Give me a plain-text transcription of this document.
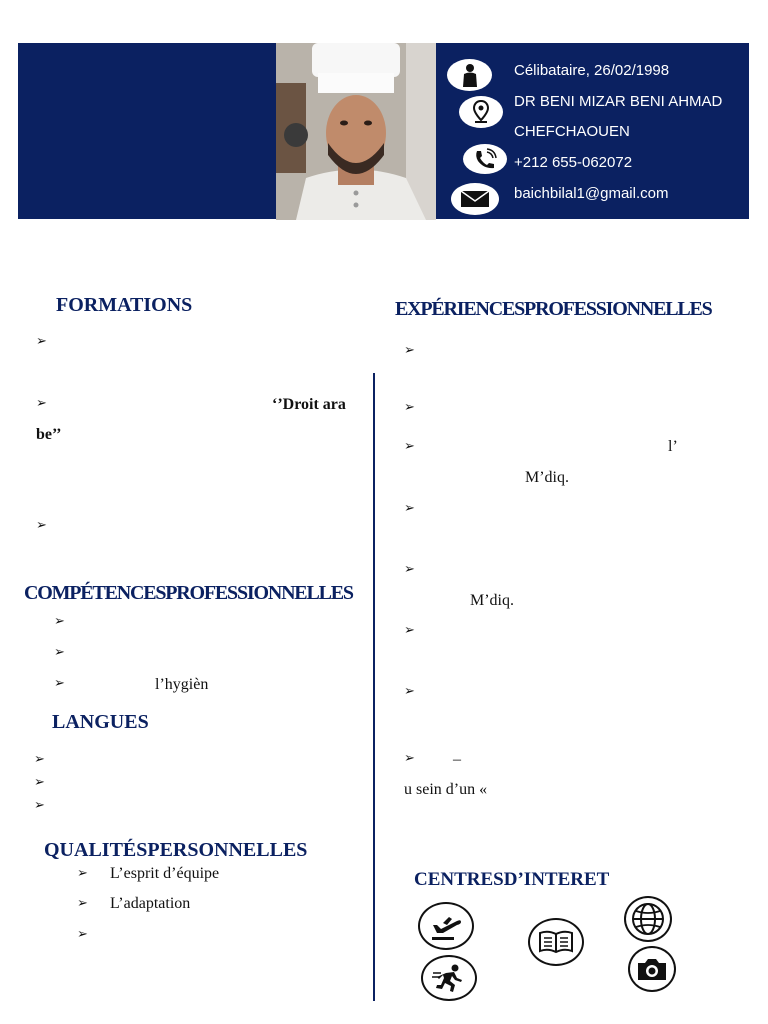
Célibataire, 26/02/1998
DR BENI MIZAR BENI AHMAD
CHEFCHAOUEN
+212 655-062072
baichbilal1@gmail.com
FORMATIONS
➢
➢	‘’Droit ara
be’’
➢
COMPÉTENCESPROFESSIONNELLES
➢
➢
➢	l’hygièn
LANGUES
➢
➢
➢
QUALITÉSPERSONNELLES
➢ L’esprit d’équipe
➢ L’adaptation
➢
EXPÉRIENCESPROFESSIONNELLES
➢
➢
➢	l’
M’diq.
➢
➢
M’diq.
➢
➢
➢ –
u sein d’un «
CENTRESD’INTERET
